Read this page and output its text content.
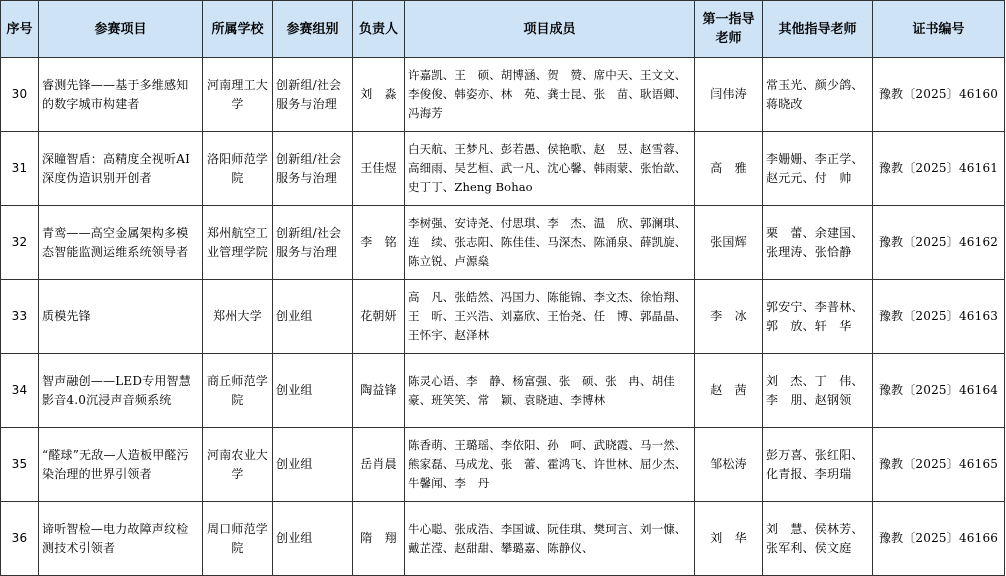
序号	参赛项目	所属学校	参赛组别	负责人	项目成员	第一指导老师	其他指导老师	证书编号
30	睿测先锋——基于多维感知的数字城市构建者	河南理工大学	创新组/社会服务与治理	刘　淼	许嘉凯、王　硕、胡博涵、贺　赞、席中天、王文文、李俊俊、韩姿亦、林　苑、龚士昆、张　苗、耿语卿、冯海芳	闫伟涛	常玉光、颜少鸽、蒋晓改	豫教〔2025〕46160
31	深瞳智盾：高精度全视听AI深度伪造识别开创者	洛阳师范学院	创新组/社会服务与治理	王佳煜	白天航、王梦凡、彭若愚、侯艳歌、赵　昱、赵雪蓉、高细雨、吴艺桓、武一凡、沈心馨、韩雨蒙、张怡歆、史丁丁、Zheng Bohao	高　雅	李姗姗、李正学、赵元元、付　帅	豫教〔2025〕46161
32	青鸾——高空金属架构多模态智能监测运维系统领导者	郑州航空工业管理学院	创新组/社会服务与治理	李　铭	李树强、安诗尧、付思琪、李　杰、温　欣、郭澜琪、连　续、张志阳、陈佳佳、马深杰、陈涌泉、薛凯旋、陈立锐、卢源燊	张国辉	栗　蕾、余建国、张理涛、张恰静	豫教〔2025〕46162
33	质模先锋	郑州大学	创业组	花朝妍	高　凡、张皓然、冯国力、陈能锦、李文杰、徐怡翔、王　昕、王兴浩、刘嘉欣、王怡尧、任　博、郭晶晶、王怀宇、赵泽林	李　冰	郭安宁、李普林、郭　放、轩　华	豫教〔2025〕46163
34	智声融创——LED专用智慧影音4.0沉浸声音频系统	商丘师范学院	创业组	陶益锋	陈灵心语、李　静、杨富强、张　硕、张　冉、胡佳豪、班笑笑、常　颖、袁晓迪、李博林	赵　茜	刘　杰、丁　伟、李　朋、赵钢领	豫教〔2025〕46164
35	“醛球”无敌—人造板甲醛污染治理的世界引领者	河南农业大学	创业组	岳肖晨	陈香萌、王璐瑶、李依阳、孙　呵、武晓霞、马一然、熊家磊、马成龙、张　蕾、霍鸿飞、许世林、屈少杰、牛馨闻、李　丹	邹松涛	彭万喜、张红阳、化青报、李玥瑞	豫教〔2025〕46165
36	谛听智检—电力故障声纹检测技术引领者	周口师范学院	创业组	隋　翔	牛心聪、张成浩、李国诚、阮佳琪、樊珂言、刘一慷、戴芷滢、赵甜甜、攀璐嘉、陈静仪、	刘　华	刘　慧、侯林芳、张军利、侯文庭	豫教〔2025〕46166
